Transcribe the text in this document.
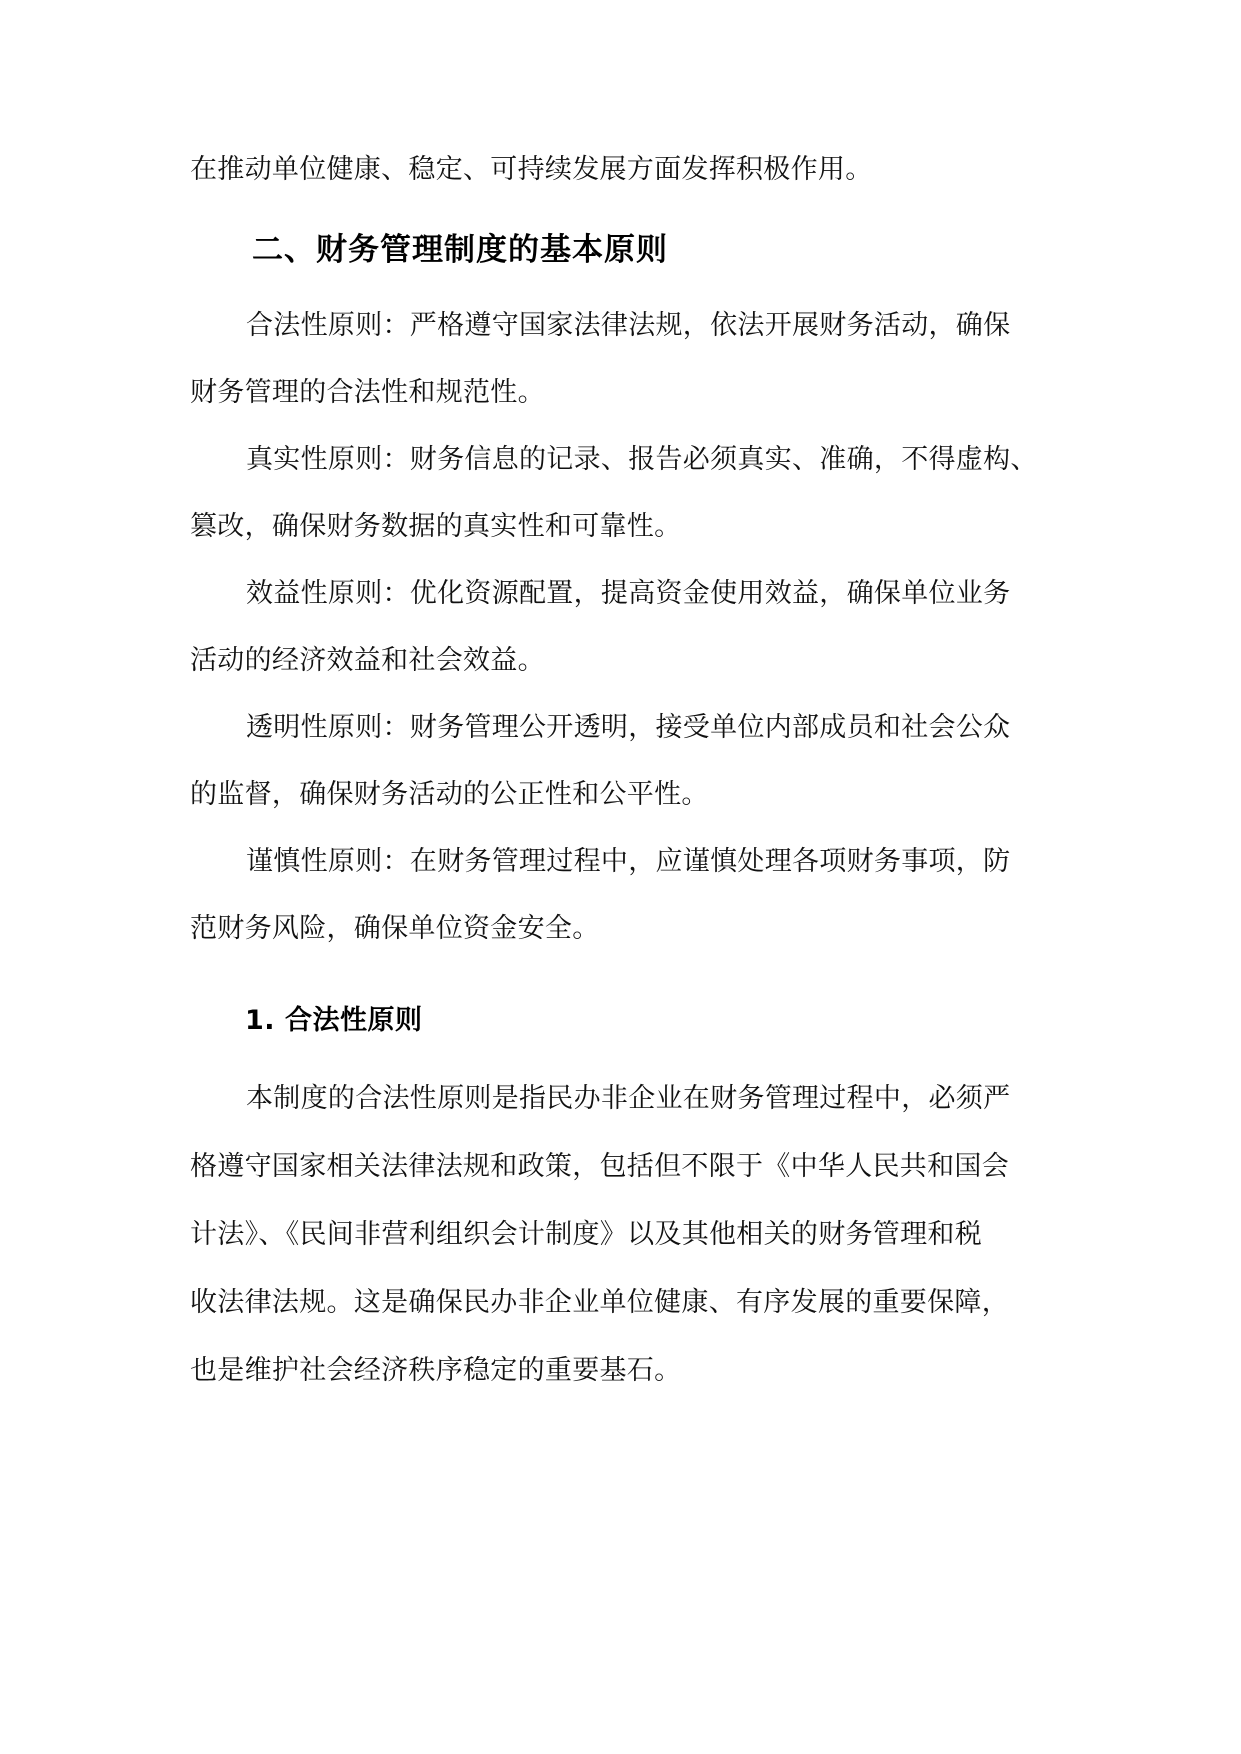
在推动单位健康、稳定、可持续发展方面发挥积极作用。
二、财务管理制度的基本原则
合法性原则：严格遵守国家法律法规，依法开展财务活动，确保
财务管理的合法性和规范性。
真实性原则：财务信息的记录、报告必须真实、准确，不得虚构、
篡改，确保财务数据的真实性和可靠性。
效益性原则：优化资源配置，提高资金使用效益，确保单位业务
活动的经济效益和社会效益。
透明性原则：财务管理公开透明，接受单位内部成员和社会公众
的监督，确保财务活动的公正性和公平性。
谨慎性原则：在财务管理过程中，应谨慎处理各项财务事项，防
范财务风险，确保单位资金安全。
1. 合法性原则
本制度的合法性原则是指民办非企业在财务管理过程中，必须严
格遵守国家相关法律法规和政策，包括但不限于《中华人民共和国会
计法》、《民间非营利组织会计制度》以及其他相关的财务管理和税
收法律法规。这是确保民办非企业单位健康、有序发展的重要保障，
也是维护社会经济秩序稳定的重要基石。
